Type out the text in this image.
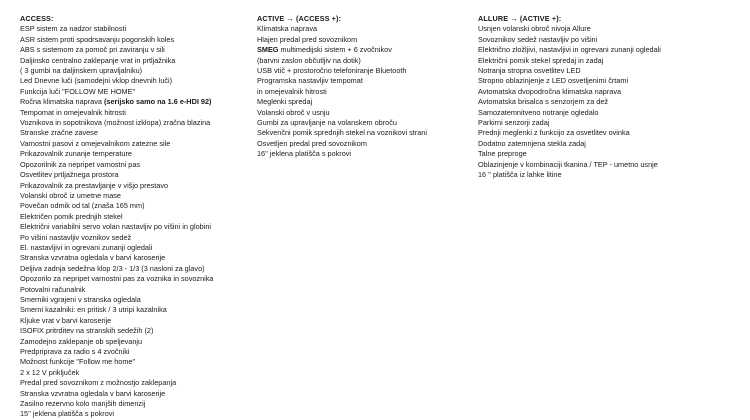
ACCESS:
ESP sistem za nadzor stabilnosti
ASR sistem proti spodrsavanju pogonskih koles
ABS s sistemom za pomoč pri zaviranju v sili
Daljinsko centralno zaklepanje vrat in prtljažnika
( 3 gumbi na daljinskem upravljalniku)
Led Dnevne luči (samodejni vklop dnevnih luči)
Funkcija luči "FOLLOW ME HOME"
Ročna klimatska naprava (serijsko samo na 1.6 e-HDI 92)
Tempomat in omejevalnik hitrosti
Voznikova in sopotnikova (možnost izklopa) zračna blazina
Stranske zračne zavese
Varnostni pasovi z omejevalnikom zatezne sile
Prikazovalnik zunanje temperature
Opozorilnik za nepripet varnostni pas
Osvetlitev prtljažnega prostora
Prikazovalnik za prestavljanje v višjo prestavo
Volanski obroč iz umetne mase
Povečan odmik od tal (znaša 165 mm)
Električen pomik prednjih stekel
Električni variabilni servo volan nastavljiv po višini in globini
Po višini nastavljiv voznikov sedež
El. nastavljivi in ogrevani zunanji ogledali
Stranska vzvratna ogledala v barvi karoserije
Deljiva zadnja sedežna klop 2/3 - 1/3 (3 nasloni za glavo)
Opozorilo za nepripet varnostni pas za voznika in sovoznika
Potovalni računalnik
Smerniki vgrajeni v stranska ogledala
Smerni kazalniki: en pritisk / 3 utripi kazalnika
Kljuke vrat v barvi karoserije
ISOFIX pritrditev na stranskih sedežih (2)
Zamodejno zaklepanje ob speljevanju
Predpriprava za radio s 4 zvočniki
Možnost funkcije "Follow me home"
2 x 12 V priključek
Predal pred sovoznikom z možnostjo zaklepanja
Stranska vzvratna ogledala v barvi karoserije
Zasilno rezervno kolo manjših dimenzij
15'' jeklena platišča s pokrovi
ACTIVE → (ACCESS +):
Klimatska naprava
Hlajen predal pred sovoznikom
SMEG multimedijski sistem + 6 zvočnikov
(barvni zaslon občutljiv na dotik)
USB vtič + prostoročno telefoniranje Bluetooth
Programska nastavljiv tempomat
in omejevalnik hitrosti
Meglenki spredaj
Volanski obroč v usnju
Gumbi za upravljanje na volanskem obroču
Sekvenčni pomik sprednjih stekel na voznikovi strani
Osvetljen predal pred sovoznikom
16'' jeklena platišča s pokrovi
ALLURE → (ACTIVE +):
Usnjen volanski obroč nivoja Allure
Sovoznikov sedež nastavljiv po višini
Električno zložljivi, nastavljivi in ogrevani zunanji ogledali
Električni pomik stekel spredaj in zadaj
Notranja stropna osvetlitev LED
Stropno oblazinjenje z LED osvetljenimi črtami
Avtomatska dvopodročna klimatska naprava
Avtomatska brisalca s senzorjem za dež
Samozatemnitveno notranje ogledalo
Parkirni senzorji zadaj
Prednji meglenki z funkcijo za osvetlitev ovinka
Dodatno zatemnjena stekla zadaj
Talne preproge
Oblazinjenje v kombinaciji tkanina / TEP - umetno usnje
16 '' platišča iz lahke litine
